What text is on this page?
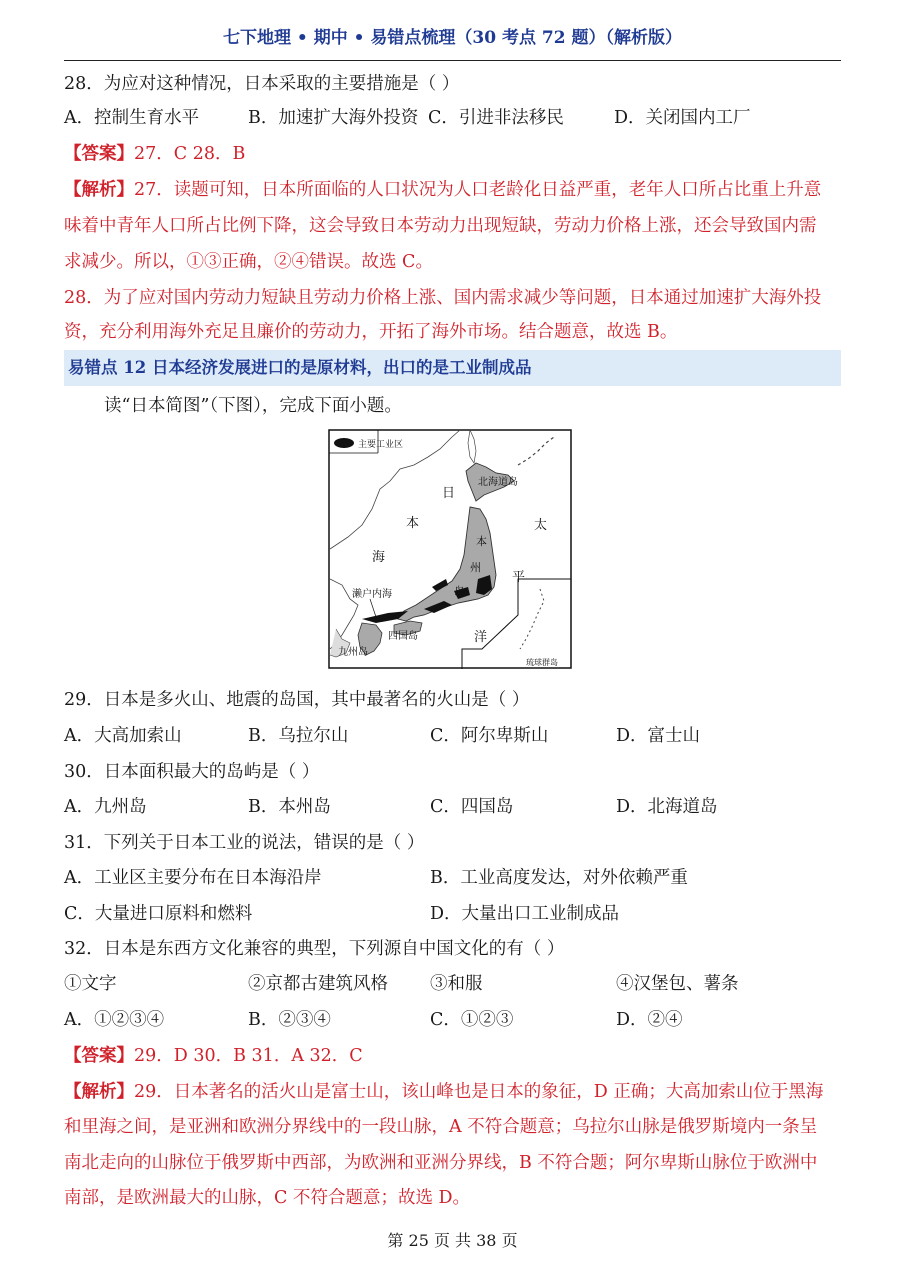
七下地理 • 期中 • 易错点梳理（30 考点 72 题）（解析版）
28．为应对这种情况，日本采取的主要措施是（ ）
A．控制生育水平	B．加速扩大海外投资 C．引进非法移民	D．关闭国内工厂
【答案】27．C 28．B
【解析】27．读题可知，日本所面临的人口状况为人口老龄化日益严重，老年人口所占比重上升意
味着中青年人口所占比例下降，这会导致日本劳动力出现短缺，劳动力价格上涨，还会导致国内需
求减少。所以，①③正确，②④错误。故选 C。
28．为了应对国内劳动力短缺且劳动力价格上涨、国内需求减少等问题，日本通过加速扩大海外投
资，充分利用海外充足且廉价的劳动力，开拓了海外市场。结合题意，故选 B。
易错点 12 日本经济发展进口的是原材料，出口的是工业制成品
读“日本简图”（下图），完成下面小题。
主要工业区
北海道岛
日
本
海
太
平
洋
本
州
岛
濑户内海
四国岛
九州岛
琉球群岛
29．日本是多火山、地震的岛国，其中最著名的火山是（ ）
A．大高加索山	B．乌拉尔山	C．阿尔卑斯山	D．富士山
30．日本面积最大的岛屿是（ ）
A．九州岛	B．本州岛	C．四国岛	D．北海道岛
31．下列关于日本工业的说法，错误的是（ ）
A．工业区主要分布在日本海沿岸	B．工业高度发达，对外依赖严重
C．大量进口原料和燃料	D．大量出口工业制成品
32．日本是东西方文化兼容的典型，下列源自中国文化的有（ ）
①文字	②京都古建筑风格 ③和服	④汉堡包、薯条
A．①②③④	B．②③④	C．①②③	D．②④
【答案】29．D 30．B 31．A 32．C
【解析】29．日本著名的活火山是富士山，该山峰也是日本的象征，D 正确；大高加索山位于黑海
和里海之间，是亚洲和欧洲分界线中的一段山脉，A 不符合题意；乌拉尔山脉是俄罗斯境内一条呈
南北走向的山脉位于俄罗斯中西部，为欧洲和亚洲分界线，B 不符合题；阿尔卑斯山脉位于欧洲中
南部，是欧洲最大的山脉，C 不符合题意；故选 D。
第 25 页 共 38 页
